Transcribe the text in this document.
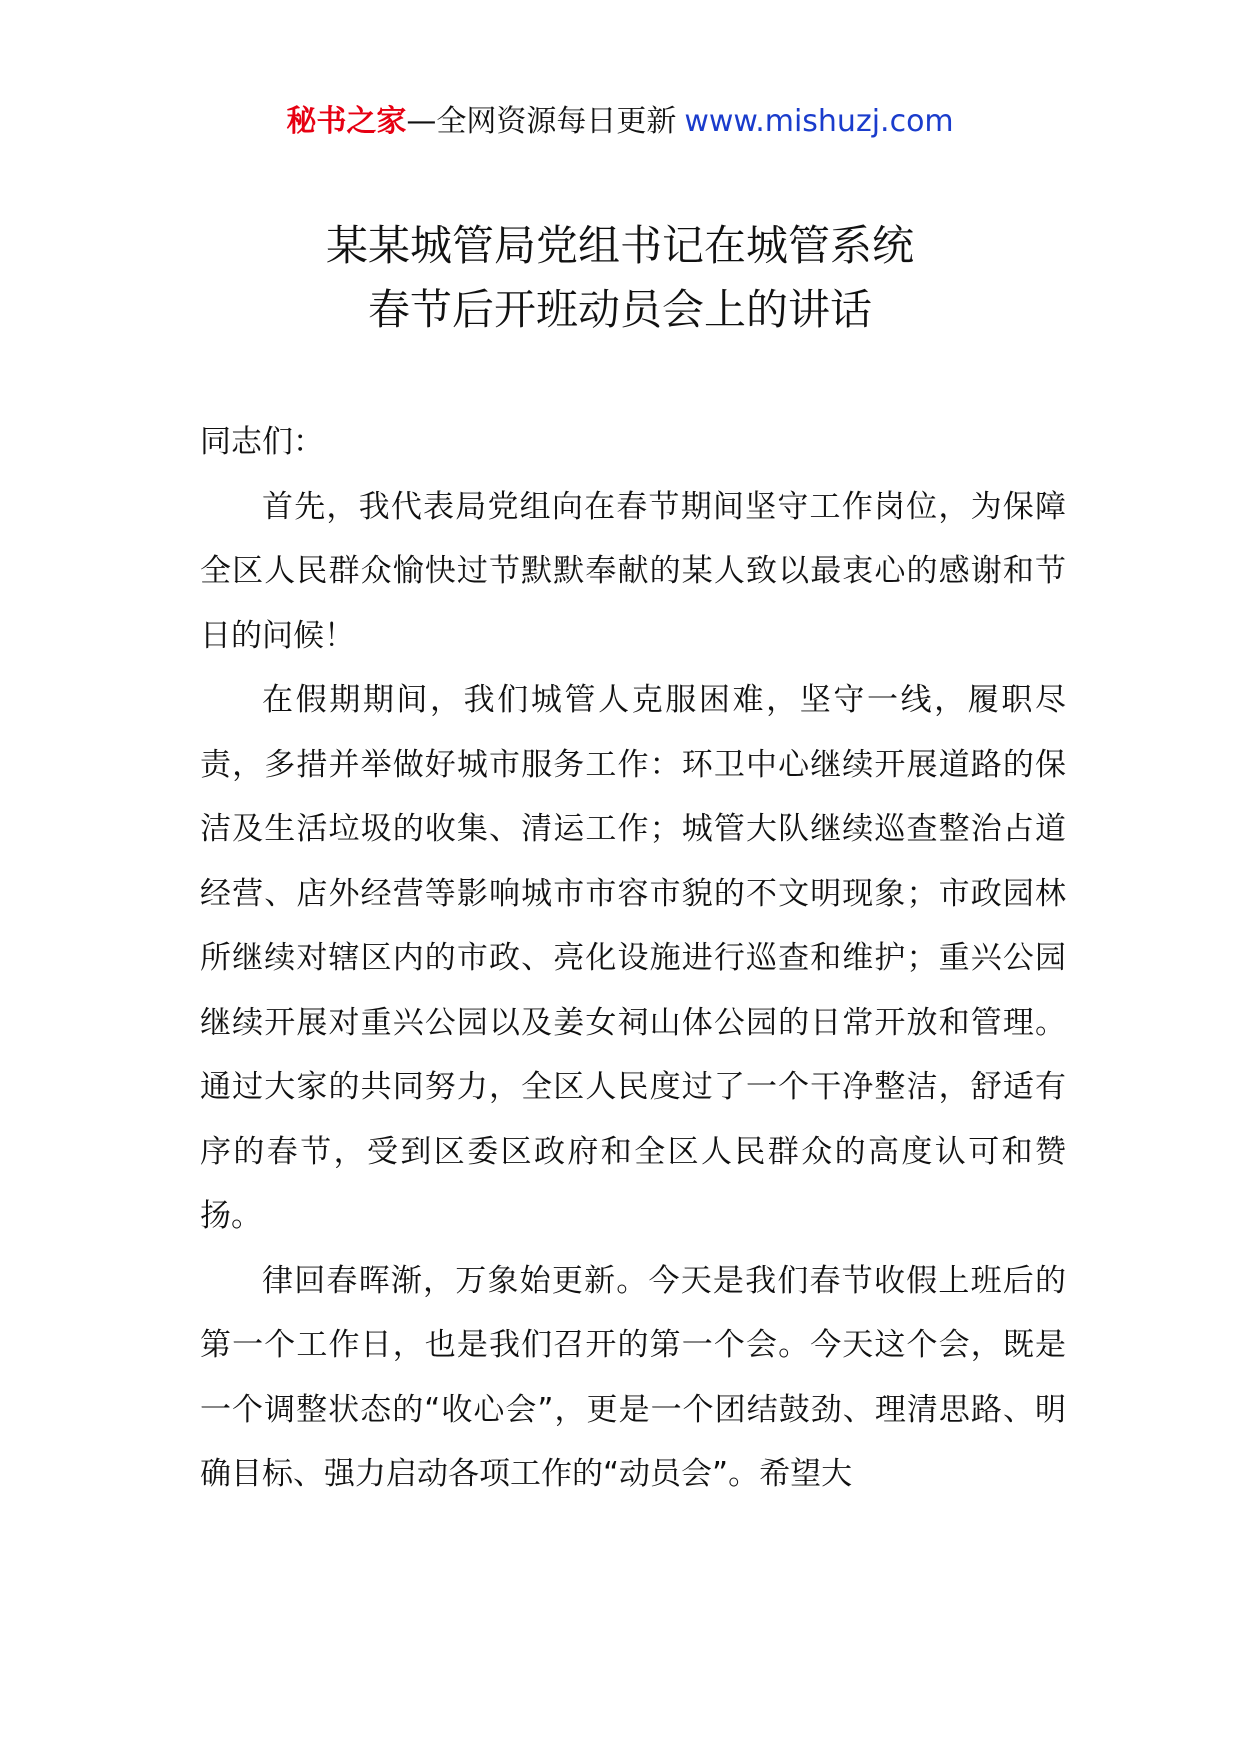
秘书之家—全网资源每日更新 www.mishuzj.com
某某城管局党组书记在城管系统
春节后开班动员会上的讲话

同志们：

首先，我代表局党组向在春节期间坚守工作岗位，为保障全区人民群众愉快过节默默奉献的某人致以最衷心的感谢和节日的问候！

在假期期间，我们城管人克服困难，坚守一线，履职尽责，多措并举做好城市服务工作：环卫中心继续开展道路的保洁及生活垃圾的收集、清运工作；城管大队继续巡查整治占道经营、店外经营等影响城市市容市貌的不文明现象；市政园林所继续对辖区内的市政、亮化设施进行巡查和维护；重兴公园继续开展对重兴公园以及姜女祠山体公园的日常开放和管理。通过大家的共同努力，全区人民度过了一个干净整洁，舒适有序的春节，受到区委区政府和全区人民群众的高度认可和赞扬。

律回春晖渐，万象始更新。今天是我们春节收假上班后的第一个工作日，也是我们召开的第一个会。今天这个会，既是一个调整状态的“收心会”，更是一个团结鼓劲、理清思路、明确目标、强力启动各项工作的“动员会”。希望大
